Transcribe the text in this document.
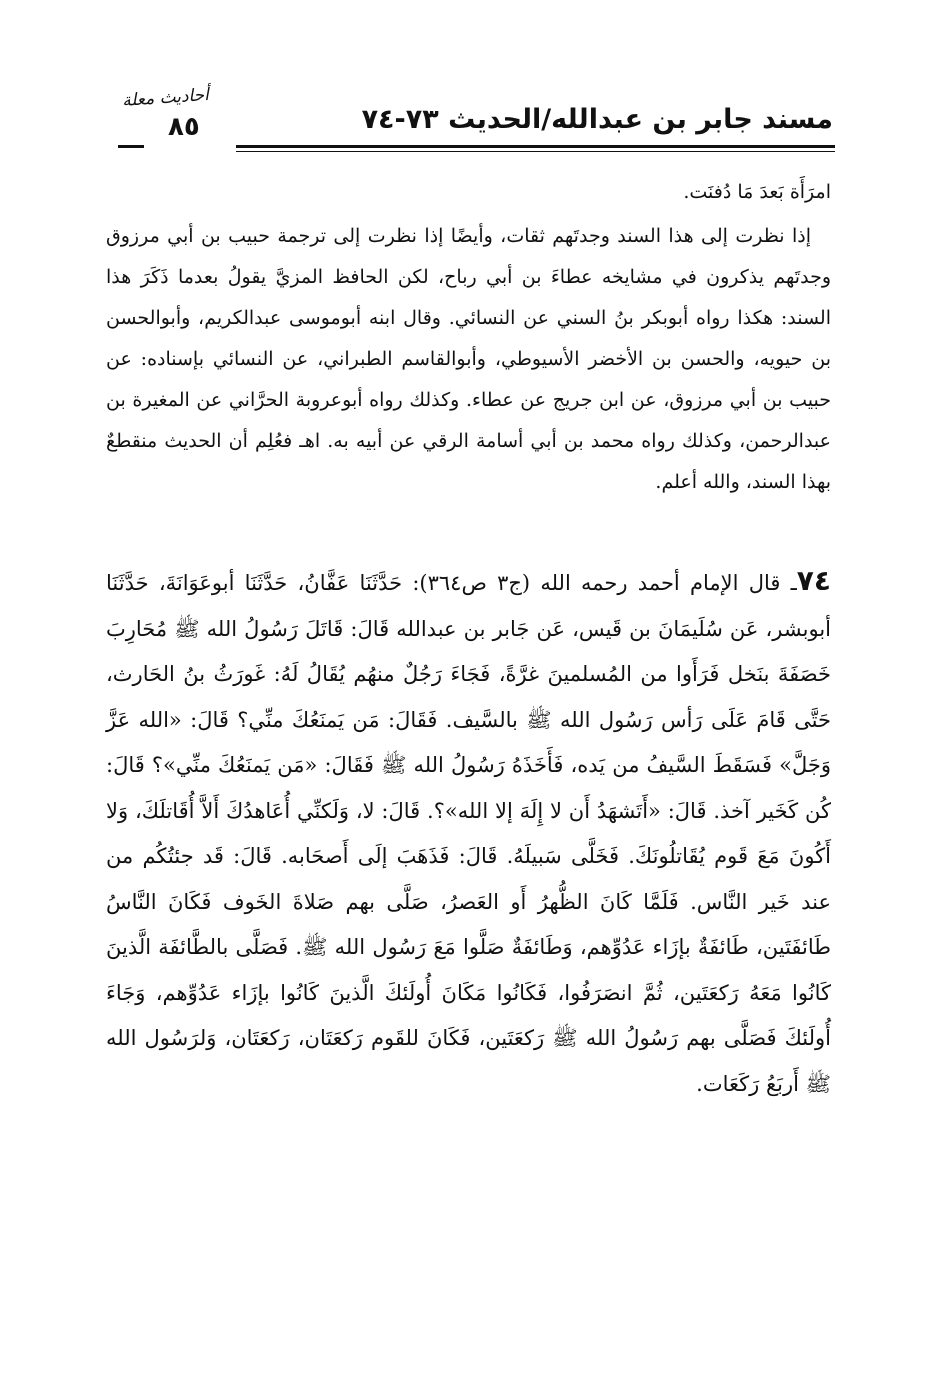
مسند جابر بن عبدالله/الحديث ٧٣-٧٤
أحاديث معلة
٨٥

امرَأَة بَعدَ مَا دُفنَت.

إذا نظرت إلى هذا السند وجدتَهم ثقات، وأيضًا إذا نظرت إلى ترجمة حبيب بن أبي مرزوق وجدتَهم يذكرون في مشايخه عطاءَ بن أبي رباح، لكن الحافظ المزيَّ يقولُ بعدما ذَكَرَ هذا السند: هكذا رواه أبوبكر بنُ السني عن النسائي. وقال ابنه أبوموسى عبدالكريم، وأبوالحسن بن حيويه، والحسن بن الأخضر الأسيوطي، وأبوالقاسم الطبراني، عن النسائي بإسناده: عن حبيب بن أبي مرزوق، عن ابن جريج عن عطاء. وكذلك رواه أبوعروبة الحرَّاني عن المغيرة بن عبدالرحمن، وكذلك رواه محمد بن أبي أسامة الرقي عن أبيه به. اهـ فعُلِم أن الحديث منقطعٌ بهذا السند، والله أعلم.

٧٤ـ قال الإمام أحمد رحمه الله (ج٣ ص٣٦٤): حَدَّثَنَا عَفَّانُ، حَدَّثَنَا أبوعَوَانَةَ، حَدَّثَنَا أبوبشر، عَن سُلَيمَانَ بن قَيس، عَن جَابر بن عبدالله قَالَ: قَاتَلَ رَسُولُ الله ﷺ مُحَارِبَ خَصَفَةَ بنَخل فَرَأَوا من المُسلمينَ غرَّةً، فَجَاءَ رَجُلٌ منهُم يُقَالُ لَهُ: غَورَثُ بنُ الحَارث، حَتَّى قَامَ عَلَى رَأس رَسُول الله ﷺ بالسَّيف. فَقَالَ: مَن يَمنَعُكَ منِّي؟ قَالَ: «الله عَزَّ وَجَلَّ» فَسَقَطَ السَّيفُ من يَده، فَأَخَذَهُ رَسُولُ الله ﷺ فَقَالَ: «مَن يَمنَعُكَ منِّي»؟ قَالَ: كُن كَخَير آخذ. قَالَ: «أَتَشهَدُ أَن لا إِلَهَ إلا الله»؟. قَالَ: لا، وَلَكنِّي أُعَاهدُكَ أَلاَّ أُقَاتلَكَ، وَلا أَكُونَ مَعَ قَوم يُقَاتلُونَكَ. فَخَلَّى سَبيلَهُ. قَالَ: فَذَهَبَ إلَى أَصحَابه. قَالَ: قَد جئتُكُم من عند خَير النَّاس. فَلَمَّا كَانَ الظُّهرُ أَو العَصرُ، صَلَّى بهم صَلاةَ الخَوف فَكَانَ النَّاسُ طَائفَتَين، طَائفَةٌ بإزَاء عَدُوِّهم، وَطَائفَةٌ صَلَّوا مَعَ رَسُول الله ﷺ. فَصَلَّى بالطَّائفَة الَّذينَ كَانُوا مَعَهُ رَكعَتَين، ثُمَّ انصَرَفُوا، فَكَانُوا مَكَانَ أُولَئكَ الَّذينَ كَانُوا بإزَاء عَدُوِّهم، وَجَاءَ أُولَئكَ فَصَلَّى بهم رَسُولُ الله ﷺ رَكعَتَين، فَكَانَ للقَوم رَكعَتَان، رَكعَتَان، وَلرَسُول الله ﷺ أَربَعُ رَكَعَات.
